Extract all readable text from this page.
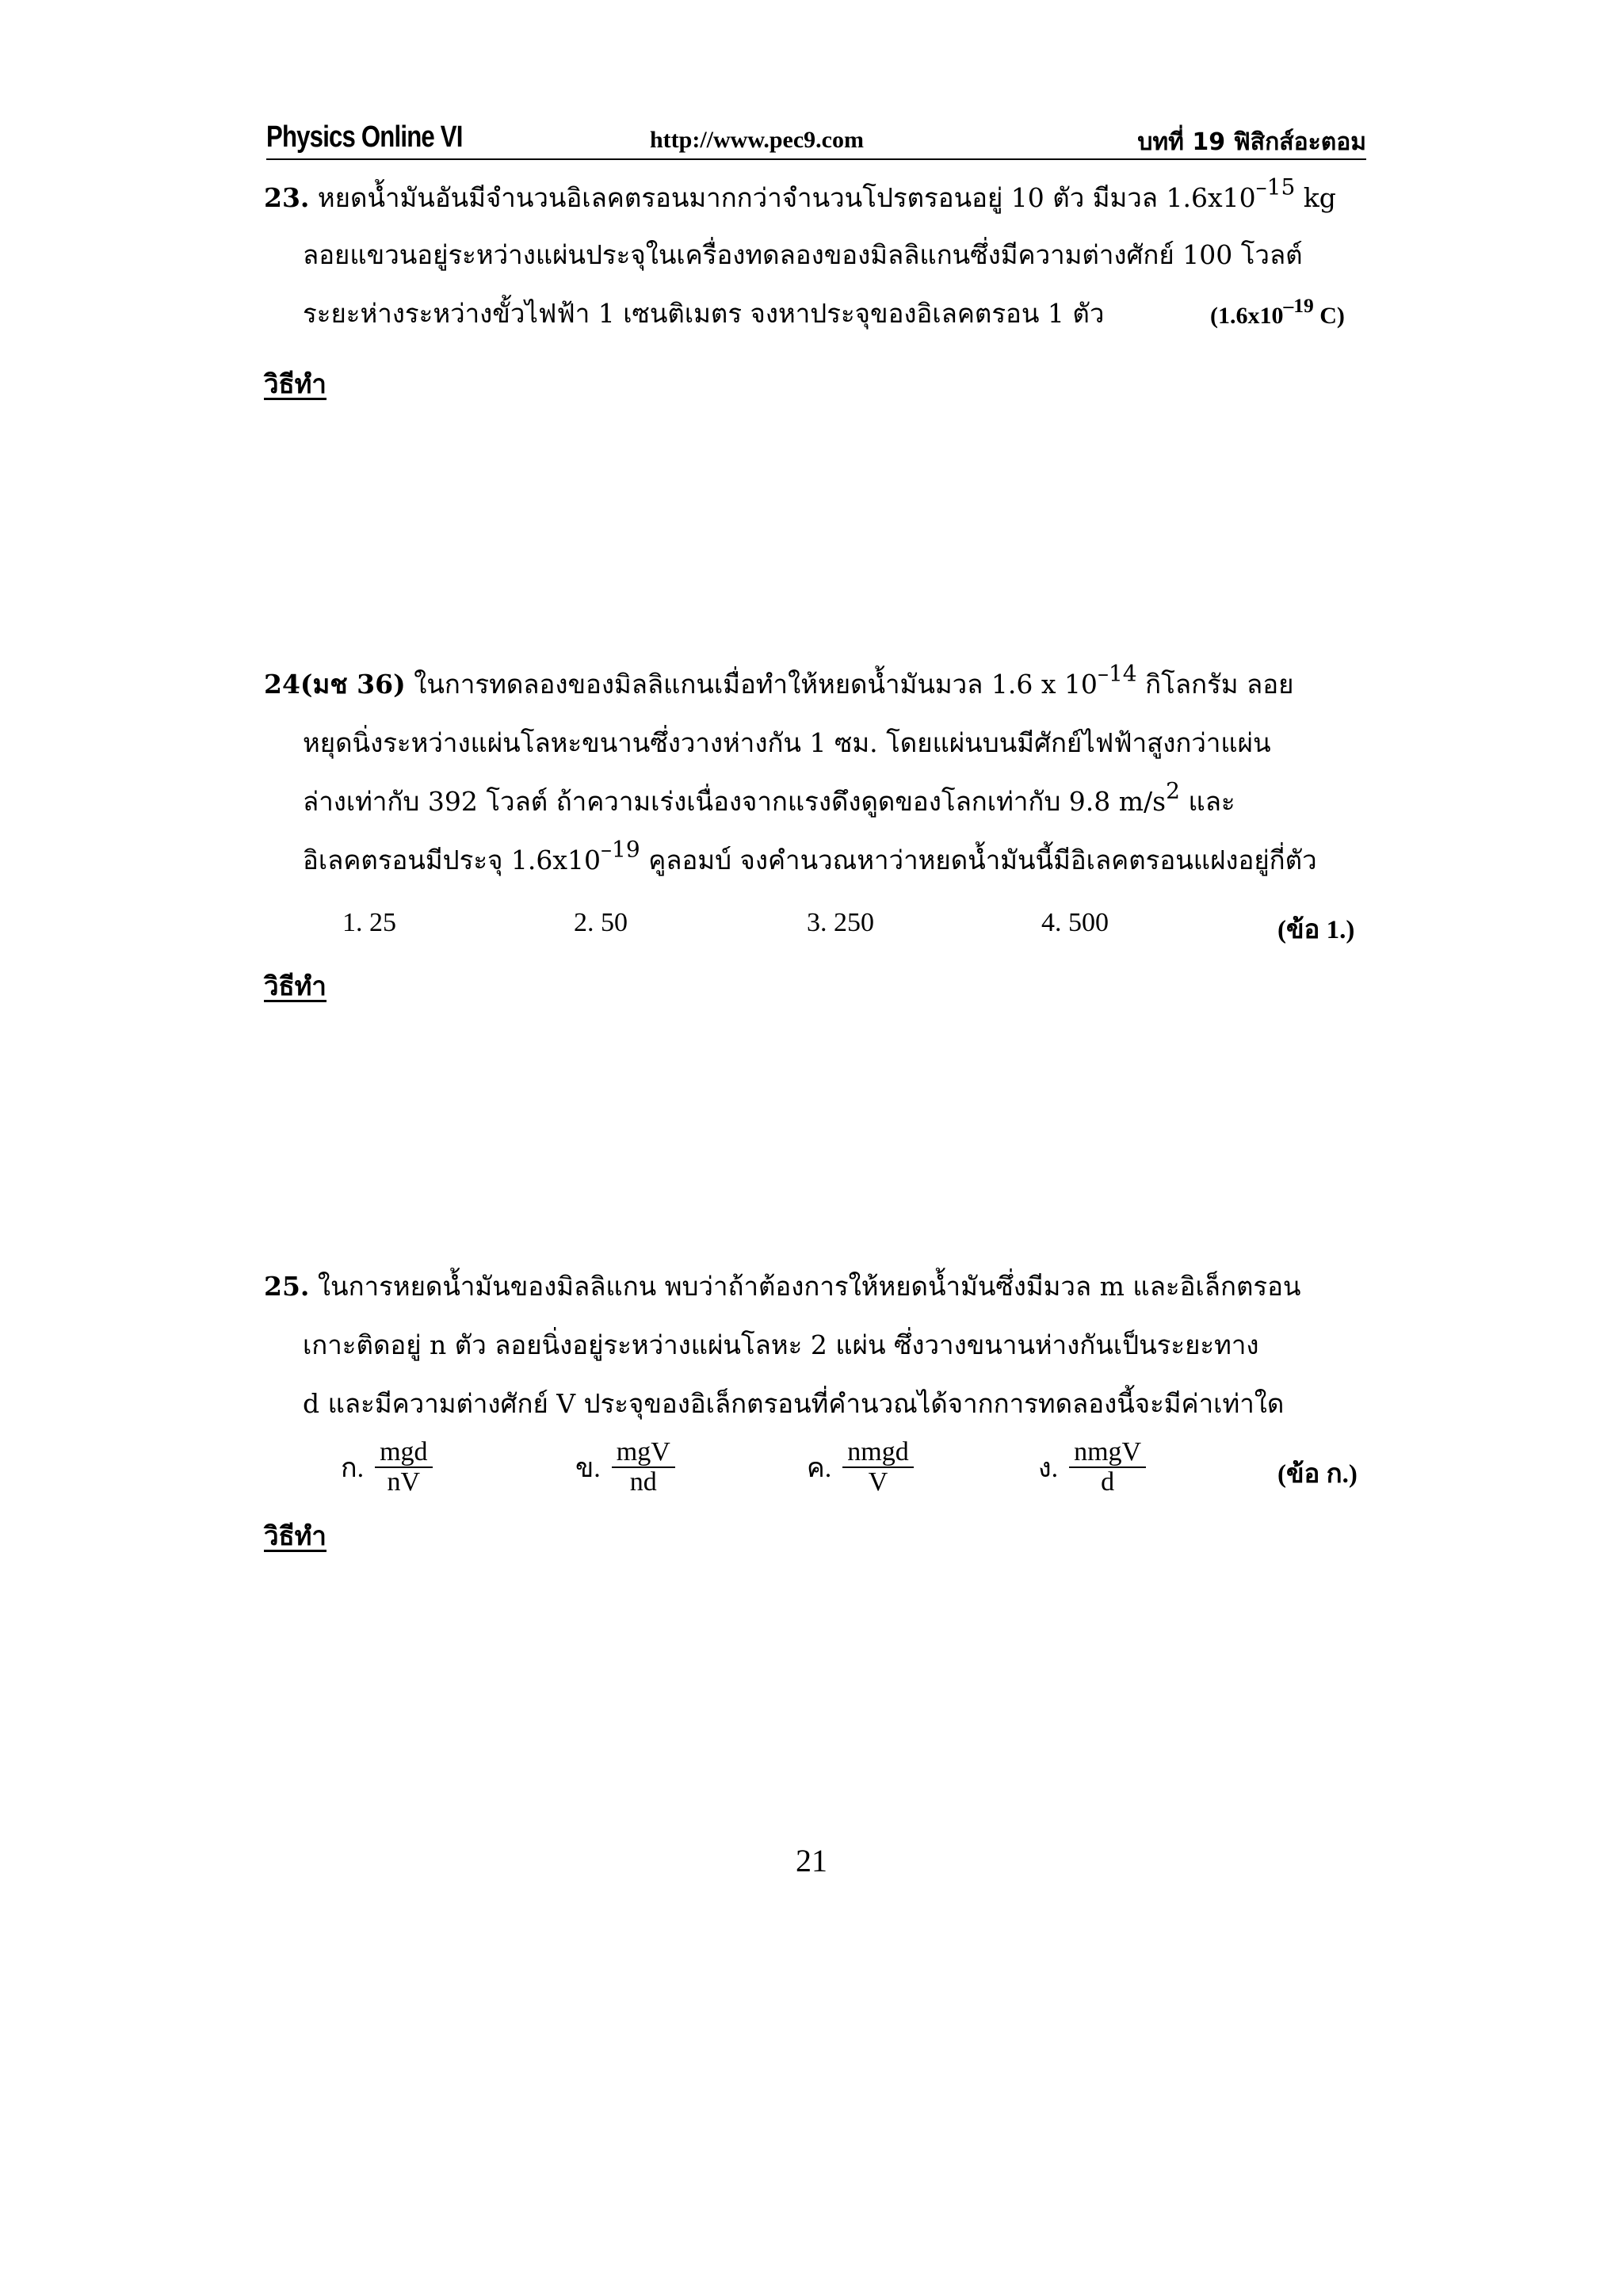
Physics Online VI	http://www.pec9.com	บทที่ 19 ฟิสิกส์อะตอม
23. หยดน้ำมันอันมีจำนวนอิเลคตรอนมากกว่าจำนวนโปรตรอนอยู่ 10 ตัว มีมวล $1.6x10^{-15}$ kg
ลอยแขวนอยู่ระหว่างแผ่นประจุในเครื่องทดลองของมิลลิแกนซึ่งมีความต่างศักย์ 100 โวลต์
ระยะห่างระหว่างขั้วไฟฟ้า 1 เซนติเมตร จงหาประจุของอิเลคตรอน 1 ตัว	($1.6x10^{-19}$ C)
วิธีทำ
24(มช 36) ในการทดลองของมิลลิแกนเมื่อทำให้หยดน้ำมันมวล 1.6 x $10^{-14}$ กิโลกรัม ลอย
หยุดนิ่งระหว่างแผ่นโลหะขนานซึ่งวางห่างกัน 1 ซม. โดยแผ่นบนมีศักย์ไฟฟ้าสูงกว่าแผ่น
ล่างเท่ากับ 392 โวลต์ ถ้าความเร่งเนื่องจากแรงดึงดูดของโลกเท่ากับ 9.8 $m/s^2$ และ
อิเลคตรอนมีประจุ $1.6x10^{-19}$ คูลอมบ์ จงคำนวณหาว่าหยดน้ำมันนี้มีอิเลคตรอนแฝงอยู่กี่ตัว
1. 25	2. 50	3. 250	4. 500	(ข้อ 1.)
วิธีทำ
25. ในการหยดน้ำมันของมิลลิแกน พบว่าถ้าต้องการให้หยดน้ำมันซึ่งมีมวล m และอิเล็กตรอน
เกาะติดอยู่ n ตัว ลอยนิ่งอยู่ระหว่างแผ่นโลหะ 2 แผ่น ซึ่งวางขนานห่างกันเป็นระยะทาง
d และมีความต่างศักย์ V ประจุของอิเล็กตรอนที่คำนวณได้จากการทดลองนี้จะมีค่าเท่าใด
ก. $\frac{\text{mgd}}{nV}$	ข. $\frac{\text{mgV}}{nd}$	ค. $\frac{\text{nmgd}}{V}$	ง. $\frac{\text{nmgV}}{d}$	(ข้อ ก.)
วิธีทำ
21
